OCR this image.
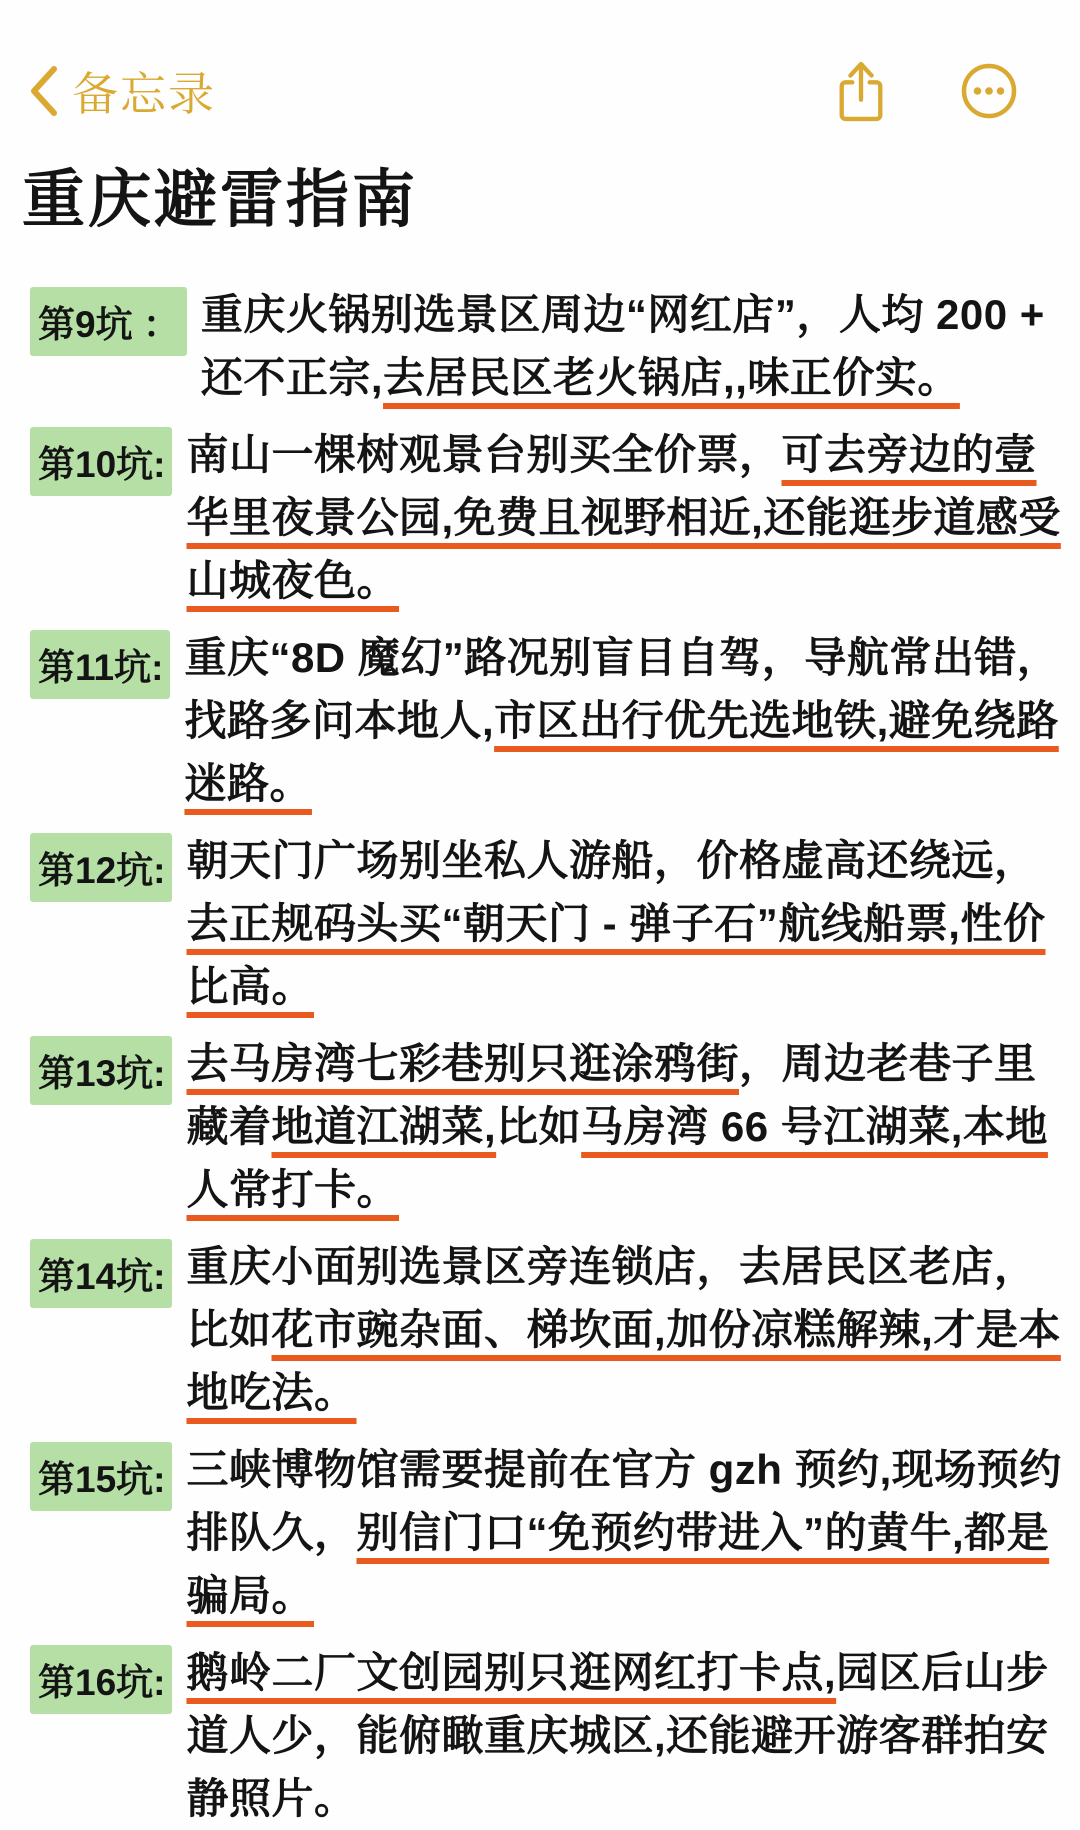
备忘录
重庆避雷指南
第9坑 ： 重庆火锅别选景区周边“网红店”，人均 200 + 还不正宗,去居民区老火锅店,,味正价实。
第10坑: 南山一棵树观景台别买全价票，可去旁边的壹华里夜景公园,免费且视野相近,还能逛步道感受山城夜色。
第11坑: 重庆“8D 魔幻”路况别盲目自驾，导航常出错，找路多问本地人,市区出行优先选地铁,避免绕路迷路。
第12坑: 朝天门广场别坐私人游船，价格虚高还绕远，去正规码头买“朝天门 - 弹子石”航线船票,性价比高。
第13坑: 去马房湾七彩巷别只逛涂鸦街，周边老巷子里藏着地道江湖菜,比如马房湾 66 号江湖菜,本地人常打卡。
第14坑: 重庆小面别选景区旁连锁店，去居民区老店，比如花市豌杂面、梯坎面,加份凉糕解辣,才是本地吃法。
第15坑: 三峡博物馆需要提前在官方 gzh 预约,现场预约排队久，别信门口“免预约带进入”的黄牛,都是骗局。
第16坑: 鹅岭二厂文创园别只逛网红打卡点,园区后山步道人少，能俯瞰重庆城区,还能避开游客群拍安静照片。
